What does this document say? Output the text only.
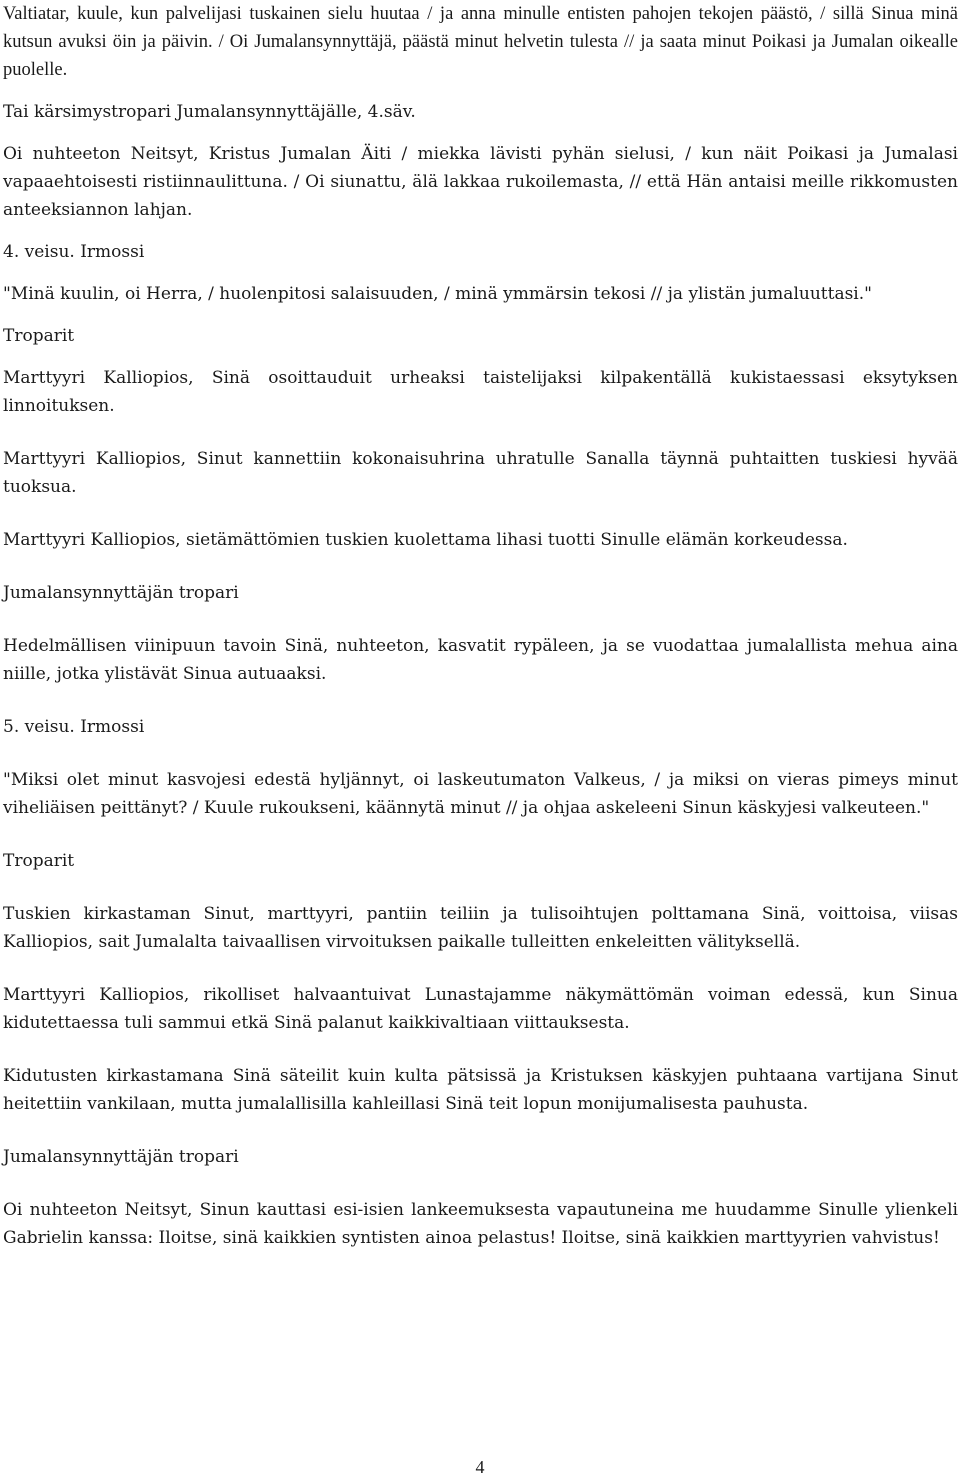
Valtiatar, kuule, kun palvelijasi tuskainen sielu huutaa / ja anna minulle entisten pahojen tekojen päästö, / sillä Sinua minä kutsun avuksi öin ja päivin. / Oi Jumalansynnyttäjä, päästä minut helvetin tulesta // ja saata minut Poikasi ja Jumalan oikealle puolelle.

Tai kärsimystropari Jumalansynnyttäjälle, 4.säv.

Oi nuhteeton Neitsyt, Kristus Jumalan Äiti / miekka lävisti pyhän sielusi, / kun näit Poikasi ja Jumalasi vapaaehtoisesti ristiinnaulittuna. / Oi siunattu, älä lakkaa rukoilemasta, // että Hän antaisi meille rikkomusten anteeksiannon lahjan.

4. veisu. Irmossi

"Minä kuulin, oi Herra, / huolenpitosi salaisuuden, / minä ymmärsin tekosi // ja ylistän jumaluuttasi."

Troparit

Marttyyri Kalliopios, Sinä osoittauduit urheaksi taistelijaksi kilpakentällä kukistaessasi eksytyksen linnoituksen.

Marttyyri Kalliopios, Sinut kannettiin kokonaisuhrina uhratulle Sanalla täynnä puhtaitten tuskiesi hyvää tuoksua.

Marttyyri Kalliopios, sietämättömien tuskien kuolettama lihasi tuotti Sinulle elämän korkeudessa.

Jumalansynnyttäjän tropari

Hedelmällisen viinipuun tavoin Sinä, nuhteeton, kasvatit rypäleen, ja se vuodattaa jumalallista mehua aina niille, jotka ylistävät Sinua autuaaksi.

5. veisu. Irmossi

"Miksi olet minut kasvojesi edestä hyljännyt, oi laskeutumaton Valkeus, / ja miksi on vieras pimeys minut viheliäisen peittänyt? / Kuule rukoukseni, käännytä minut // ja ohjaa askeleeni Sinun käskyjesi valkeuteen."

Troparit

Tuskien kirkastaman Sinut, marttyyri, pantiin teiliin ja tulisoihtujen polttamana Sinä, voittoisa, viisas Kalliopios, sait Jumalalta taivaallisen virvoituksen paikalle tulleitten enkeleitten välityksellä.

Marttyyri Kalliopios, rikolliset halvaantuivat Lunastajamme näkymättömän voiman edessä, kun Sinua kidutettaessa tuli sammui etkä Sinä palanut kaikkivaltiaan viittauksesta.

Kidutusten kirkastamana Sinä säteilit kuin kulta pätsissä ja Kristuksen käskyjen puhtaana vartijana Sinut heitettiin vankilaan, mutta jumalallisilla kahleillasi Sinä teit lopun monijumalisesta pauhusta.

Jumalansynnyttäjän tropari

Oi nuhteeton Neitsyt, Sinun kauttasi esi-isien lankeemuksesta vapautuneina me huudamme Sinulle ylienkeli Gabrielin kanssa: Iloitse, sinä kaikkien syntisten ainoa pelastus! Iloitse, sinä kaikkien marttyyrien vahvistus!

4
